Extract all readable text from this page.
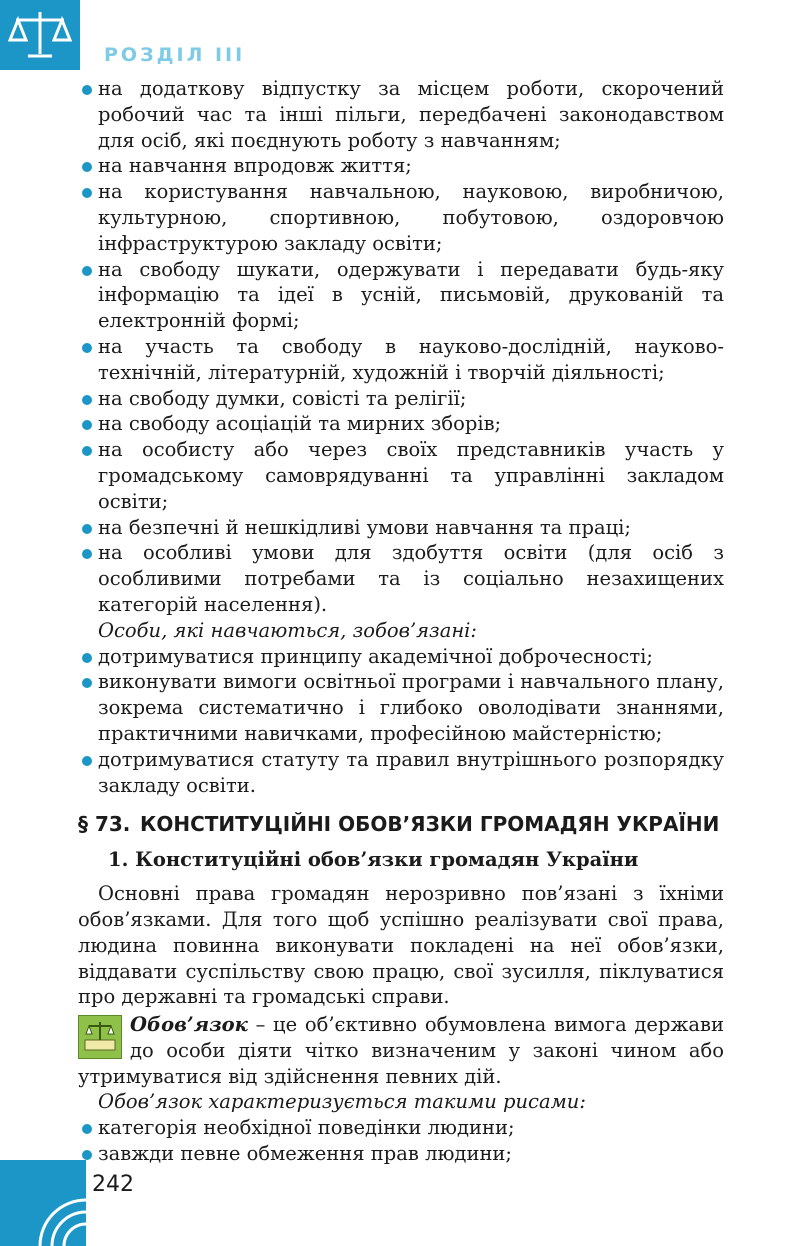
РОЗДІЛ ІІІ
на додаткову відпустку за місцем роботи, скорочений робочий час та інші пільги, передбачені законодавством для осіб, які поєднують роботу з навчанням;
на навчання впродовж життя;
на користування навчальною, науковою, виробничою, культурною, спортивною, побутовою, оздоровчою інфраструктурою закладу освіти;
на свободу шукати, одержувати і передавати будь-яку інформацію та ідеї в усній, письмовій, друкованій та електронній формі;
на участь та свободу в науково-дослідній, науково-технічній, літературній, художній і творчій діяльності;
на свободу думки, совісті та релігії;
на свободу асоціацій та мирних зборів;
на особисту або через своїх представників участь у громадському самоврядуванні та управлінні закладом освіти;
на безпечні й нешкідливі умови навчання та праці;
на особливі умови для здобуття освіти (для осіб з особливими потребами та із соціально незахищених категорій населення).
Особи, які навчаються, зобов’язані:
дотримуватися принципу академічної доброчесності;
виконувати вимоги освітньої програми і навчального плану, зокрема систематично і глибоко оволодівати знаннями, практичними навичками, професійною майстерністю;
дотримуватися статуту та правил внутрішнього розпорядку закладу освіти.
§ 73. КОНСТИТУЦІЙНІ ОБОВ’ЯЗКИ ГРОМАДЯН УКРАЇНИ
1. Конституційні обов’язки громадян України
Основні права громадян нерозривно пов’язані з їхніми обов’язками. Для того щоб успішно реалізувати свої права, людина повинна виконувати покладені на неї обов’язки, віддавати суспільству свою працю, свої зусилля, піклуватися про державні та громадські справи.
Обов’язок – це об’єктивно обумовлена вимога держави до особи діяти чітко визначеним у законі чином або утримуватися від здійснення певних дій.
Обов’язок характеризується такими рисами:
категорія необхідної поведінки людини;
завжди певне обмеження прав людини;
242
